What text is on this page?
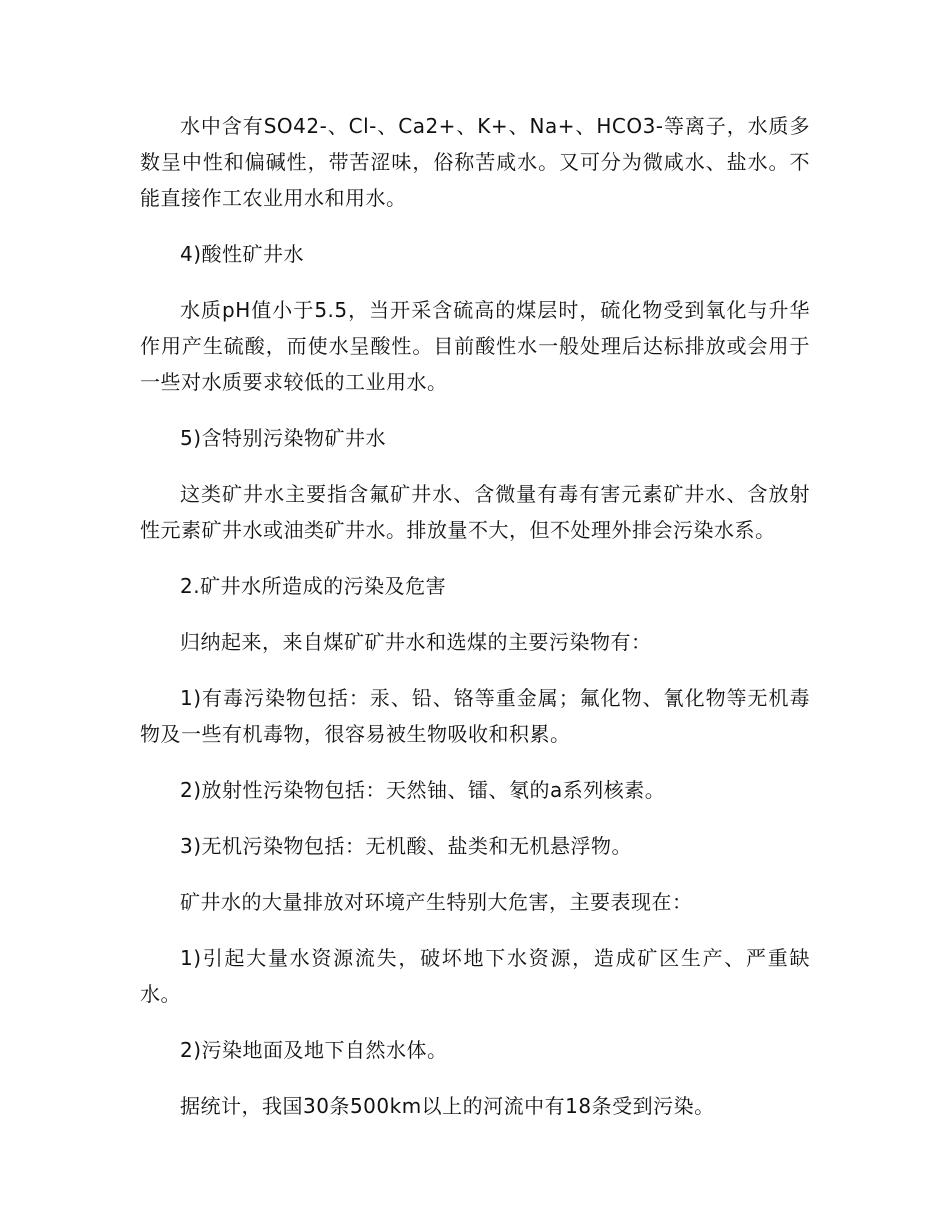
水中含有SO42-、Cl-、Ca2+、K+、Na+、HCO3-等离子，水质多数呈中性和偏碱性，带苦涩味，俗称苦咸水。又可分为微咸水、盐水。不能直接作工农业用水和用水。

4)酸性矿井水

水质pH值小于5.5，当开采含硫高的煤层时，硫化物受到氧化与升华作用产生硫酸，而使水呈酸性。目前酸性水一般处理后达标排放或会用于一些对水质要求较低的工业用水。

5)含特别污染物矿井水

这类矿井水主要指含氟矿井水、含微量有毒有害元素矿井水、含放射性元素矿井水或油类矿井水。排放量不大，但不处理外排会污染水系。

2.矿井水所造成的污染及危害

归纳起来，来自煤矿矿井水和选煤的主要污染物有：

1)有毒污染物包括：汞、铅、铬等重金属；氟化物、氰化物等无机毒物及一些有机毒物，很容易被生物吸收和积累。

2)放射性污染物包括：天然铀、镭、氡的a系列核素。

3)无机污染物包括：无机酸、盐类和无机悬浮物。

矿井水的大量排放对环境产生特别大危害，主要表现在：

1)引起大量水资源流失，破坏地下水资源，造成矿区生产、严重缺水。

2)污染地面及地下自然水体。

据统计，我国30条500km以上的河流中有18条受到污染。
